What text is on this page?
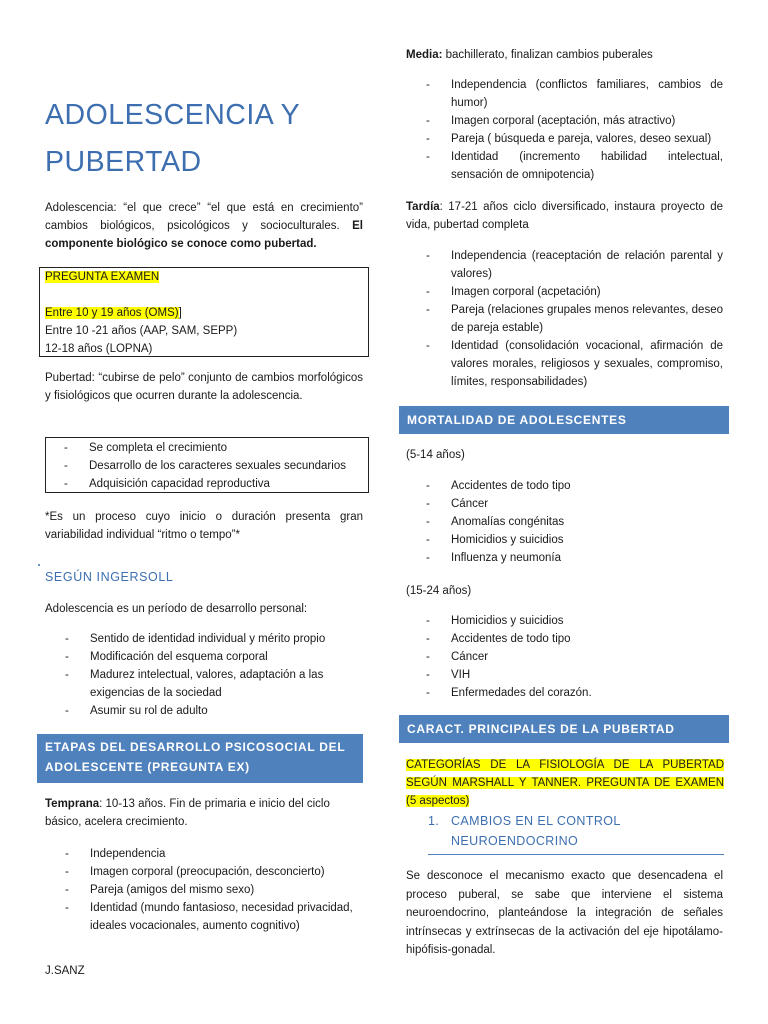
ADOLESCENCIA Y
PUBERTAD
Adolescencia: “el que crece” “el que está en crecimiento” cambios biológicos, psicológicos y socioculturales. El componente biológico se conoce como pubertad.
PREGUNTA EXAMEN
Entre 10 y 19 años (OMS)]
Entre 10 -21 años (AAP, SAM, SEPP)
12-18 años (LOPNA)
Pubertad: “cubirse de pelo” conjunto de cambios morfológicos y fisiológicos que ocurren durante la adolescencia.
- Se completa el crecimiento
- Desarrollo de los caracteres sexuales secundarios
- Adquisición capacidad reproductiva
*Es un proceso cuyo inicio o duración presenta gran variabilidad individual “ritmo o tempo”*
SEGÚN INGERSOLL
Adolescencia es un período de desarrollo personal:
- Sentido de identidad individual y mérito propio
- Modificación del esquema corporal
- Madurez intelectual, valores, adaptación a las exigencias de la sociedad
- Asumir su rol de adulto
ETAPAS DEL DESARROLLO PSICOSOCIAL DEL ADOLESCENTE (PREGUNTA EX)
Temprana: 10-13 años. Fin de primaria e inicio del ciclo básico, acelera crecimiento.
- Independencia
- Imagen corporal (preocupación, desconcierto)
- Pareja (amigos del mismo sexo)
- Identidad (mundo fantasioso, necesidad privacidad, ideales vocacionales, aumento cognitivo)
J.SANZ
Media: bachillerato, finalizan cambios puberales
- Independencia (conflictos familiares, cambios de humor)
- Imagen corporal (aceptación, más atractivo)
- Pareja ( búsqueda e pareja, valores, deseo sexual)
- Identidad (incremento habilidad intelectual, sensación de omnipotencia)
Tardía: 17-21 años ciclo diversificado, instaura proyecto de vida, pubertad completa
- Independencia (reaceptación de relación parental y valores)
- Imagen corporal (acpetación)
- Pareja (relaciones grupales menos relevantes, deseo de pareja estable)
- Identidad (consolidación vocacional, afirmación de valores morales, religiosos y sexuales, compromiso, límites, responsabilidades)
MORTALIDAD DE ADOLESCENTES
(5-14 años)
- Accidentes de todo tipo
- Cáncer
- Anomalías congénitas
- Homicidios y suicidios
- Influenza y neumonía
(15-24 años)
- Homicidios y suicidios
- Accidentes de todo tipo
- Cáncer
- VIH
- Enfermedades del corazón.
CARACT. PRINCIPALES DE LA PUBERTAD
CATEGORÍAS DE LA FISIOLOGÍA DE LA PUBERTAD SEGÚN MARSHALL Y TANNER. PREGUNTA DE EXAMEN (5 aspectos)
1. CAMBIOS EN EL CONTROL
NEUROENDOCRINO
Se desconoce el mecanismo exacto que desencadena el proceso puberal, se sabe que interviene el sistema neuroendocrino, planteándose la integración de señales intrínsecas y extrínsecas de la activación del eje hipotálamo-hipófisis-gonadal.
